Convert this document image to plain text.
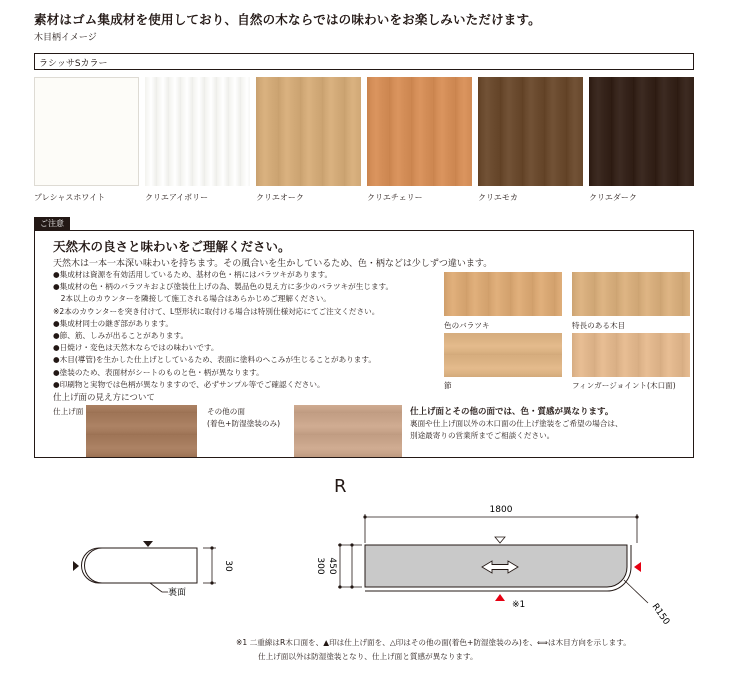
素材はゴム集成材を使用しており、自然の木ならではの味わいをお楽しみいただけます。
木目柄イメージ
ラシッサSカラー
プレシャスホワイト	クリエアイボリー	クリエオーク	クリエチェリー	クリエモカ	クリエダーク
ご注意
天然木の良さと味わいをご理解ください。
天然木は一本一本深い味わいを持ちます。その風合いを生かしているため、色・柄などは少しずつ違います。
●集成材は資源を有効活用しているため、基材の色・柄にはバラツキがあります。
●集成材の色・柄のバラツキおよび塗装仕上げの為、製品色の見え方に多少のバラツキが生じます。
　2本以上のカウンターを隣接して施工される場合はあらかじめご理解ください。
※2本のカウンターを突き付けて、L型形状に取付ける場合は特別仕様対応にてご注文ください。
●集成材同士の継ぎ部があります。
●節、筋、しみが出ることがあります。
●日焼け・変色は天然木ならではの味わいです。
●木目(導管)を生かした仕上げとしているため、表面に塗料のへこみが生じることがあります。
●塗装のため、表面材がシートのものと色・柄が異なります。
●印刷物と実物では色柄が異なりますので、必ずサンプル等でご確認ください。
色のバラツキ	特長のある木目
節	フィンガージョイント(木口面)
仕上げ面の見え方について
仕上げ面	その他の面
(着色+防湿塗装のみ)
仕上げ面とその他の面では、色・質感が異なります。
裏面や仕上げ面以外の木口面の仕上げ塗装をご希望の場合は、
別途最寄りの営業所までご相談ください。
R
30
裏面
1800
300 450
※1	R150
※1 二重線はR木口面を、▲印は仕上げ面を、△印はその他の面(着色+防湿塗装のみ)を、⟺は木目方向を示します。
仕上げ面以外は防湿塗装となり、仕上げ面と質感が異なります。
